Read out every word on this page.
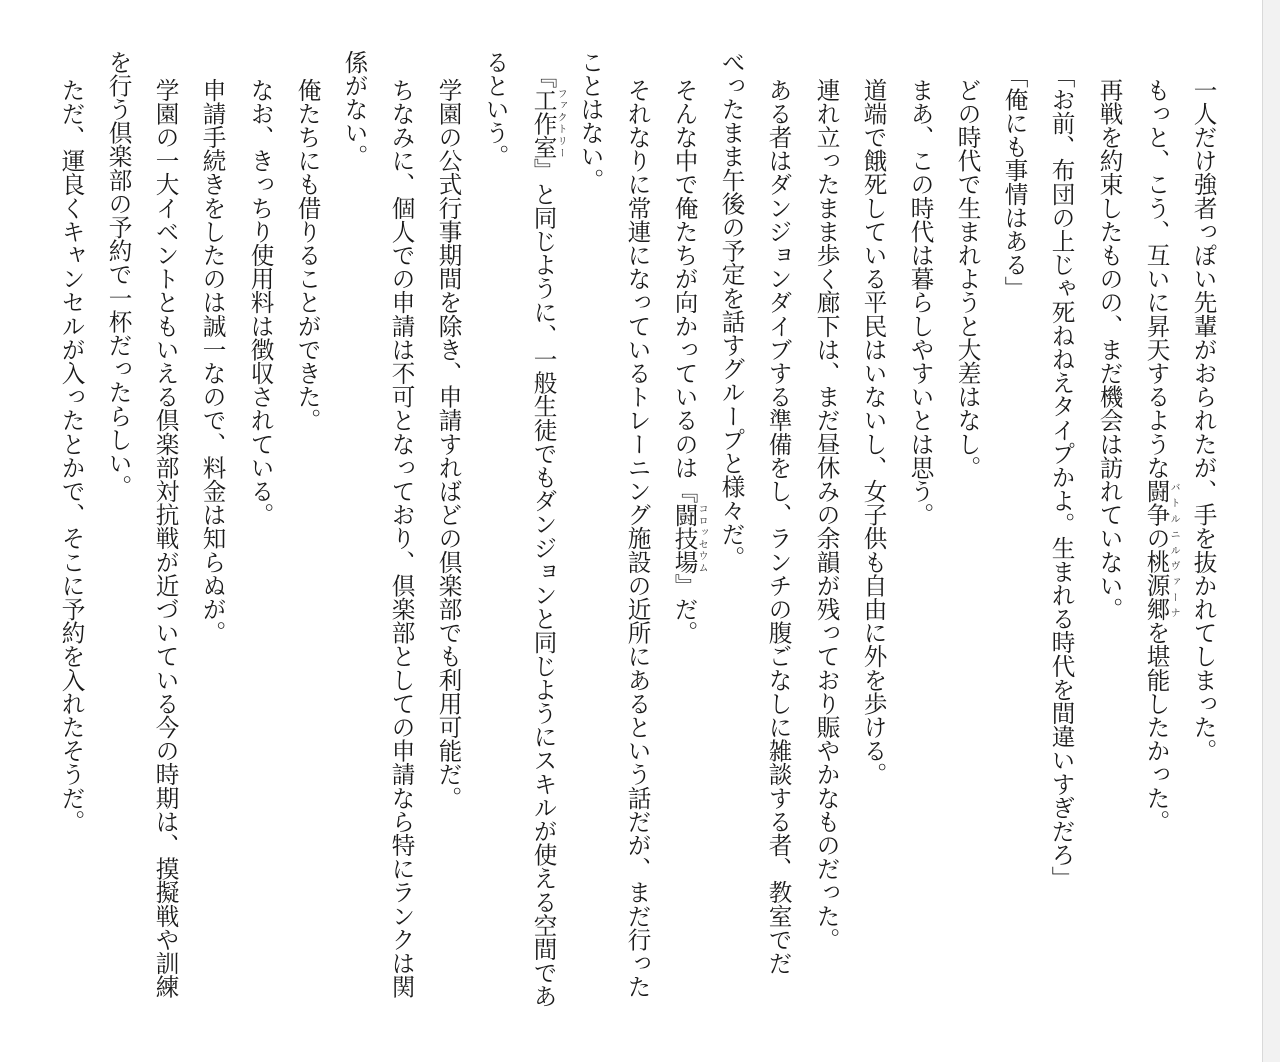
一人だけ強者っぽい先輩がおられたが、手を抜かれてしまった。
もっと、こう、互いに昇天するような闘争の桃源郷バトルニルヴァーナを堪能したかった。
再戦を約束したものの、まだ機会は訪れていない。
「お前、布団の上じゃ死ねねえタイプかよ。生まれる時代を間違いすぎだろ」
「俺にも事情はある」
どの時代で生まれようと大差はなし。
まあ、この時代は暮らしやすいとは思う。
道端で餓死している平民はいないし、女子供も自由に外を歩ける。
連れ立ったまま歩く廊下は、まだ昼休みの余韻が残っており賑やかなものだった。
ある者はダンジョンダイブする準備をし、ランチの腹ごなしに雑談する者、教室でだ
べったまま午後の予定を話すグループと様々だ。
そんな中で俺たちが向かっているのは『闘技場コロッセウム』だ。
それなりに常連になっているトレーニング施設の近所にあるという話だが、まだ行った
ことはない。
『工作室ファクトリー』と同じように、一般生徒でもダンジョンと同じようにスキルが使える空間であ
るという。
学園の公式行事期間を除き、申請すればどの倶楽部でも利用可能だ。
ちなみに、個人での申請は不可となっており、倶楽部としての申請なら特にランクは関
係がない。
俺たちにも借りることができた。
なお、きっちり使用料は徴収されている。
申請手続きをしたのは誠一なので、料金は知らぬが。
学園の一大イベントともいえる倶楽部対抗戦が近づいている今の時期は、摸擬戦や訓練
を行う倶楽部の予約で一杯だったらしい。
ただ、運良くキャンセルが入ったとかで、そこに予約を入れたそうだ。
